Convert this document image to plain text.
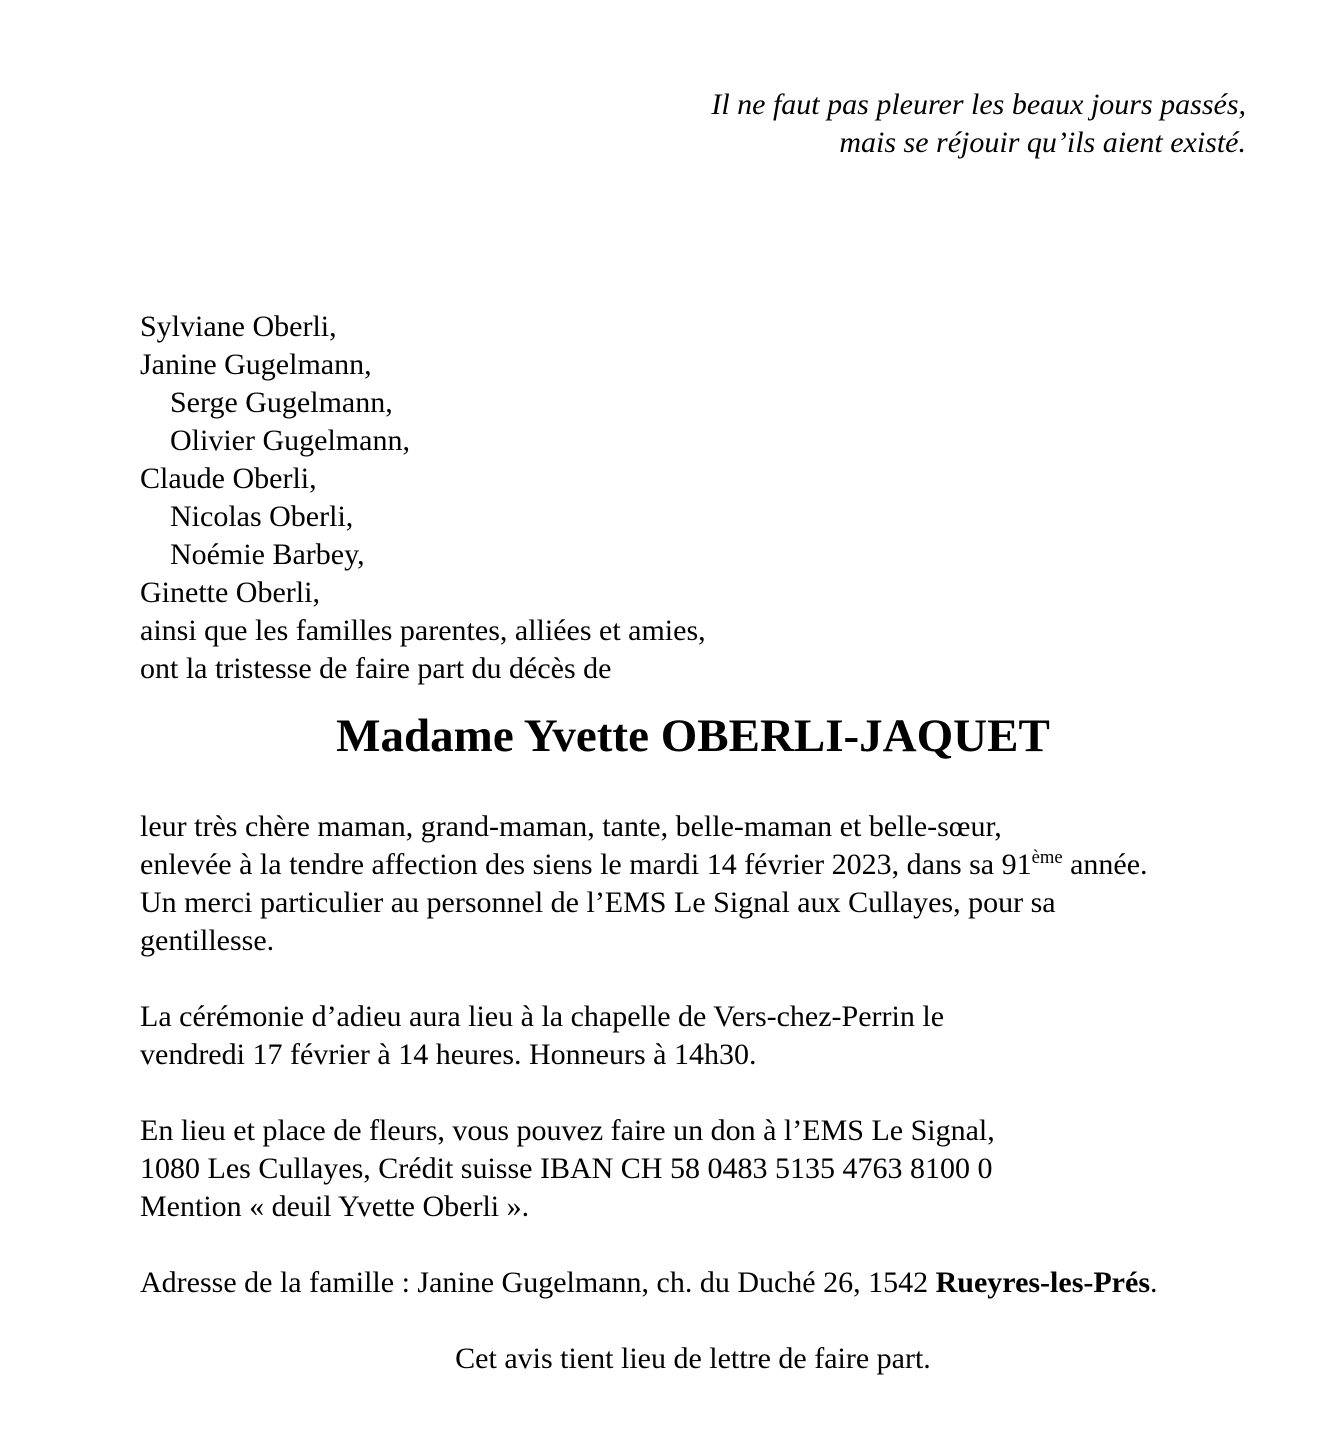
Il ne faut pas pleurer les beaux jours passés,
mais se réjouir qu’ils aient existé.
Sylviane Oberli,
Janine Gugelmann,
Serge Gugelmann,
Olivier Gugelmann,
Claude Oberli,
Nicolas Oberli,
Noémie Barbey,
Ginette Oberli,
ainsi que les familles parentes, alliées et amies,
ont la tristesse de faire part du décès de
Madame Yvette OBERLI-JAQUET
leur très chère maman, grand-maman, tante, belle-maman et belle-sœur,
enlevée à la tendre affection des siens le mardi 14 février 2023, dans sa 91ème année.
Un merci particulier au personnel de l’EMS Le Signal aux Cullayes, pour sa
gentillesse.
La cérémonie d’adieu aura lieu à la chapelle de Vers-chez-Perrin le
vendredi 17 février à 14 heures. Honneurs à 14h30.
En lieu et place de fleurs, vous pouvez faire un don à l’EMS Le Signal,
1080 Les Cullayes, Crédit suisse IBAN CH 58 0483 5135 4763 8100 0
Mention « deuil Yvette Oberli ».
Adresse de la famille : Janine Gugelmann, ch. du Duché 26, 1542 Rueyres-les-Prés.
Cet avis tient lieu de lettre de faire part.
